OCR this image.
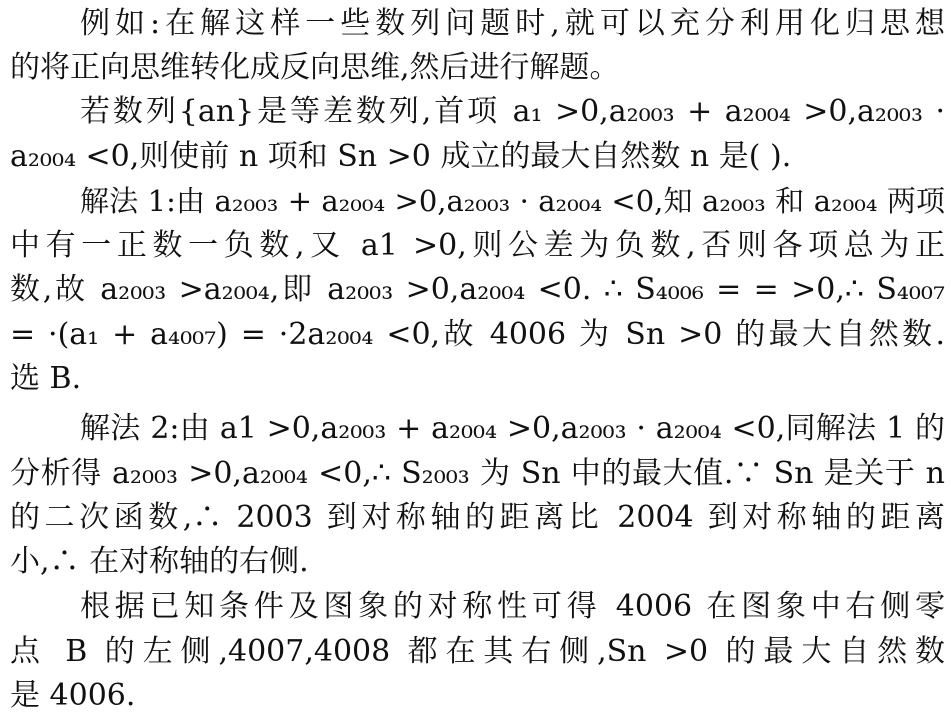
例如:在解这样一些数列问题时,就可以充分利用化归思想
的将正向思维转化成反向思维,然后进行解题。
若数列{an}是等差数列,首项 a₁ >0,a₂₀₀₃ + a₂₀₀₄ >0,a₂₀₀₃ ·
a₂₀₀₄ <0,则使前 n 项和 Sn >0 成立的最大自然数 n 是( ).
解法 1:由 a₂₀₀₃ + a₂₀₀₄ >0,a₂₀₀₃ · a₂₀₀₄ <0,知 a₂₀₀₃ 和 a₂₀₀₄ 两项
中有一正数一负数,又 a1 >0,则公差为负数,否则各项总为正
数,故 a₂₀₀₃ >a₂₀₀₄,即 a₂₀₀₃ >0,a₂₀₀₄ <0. ∴ S₄₀₀₆ = = >0,∴ S₄₀₀₇
= ·(a₁ + a₄₀₀₇) = ·2a₂₀₀₄ <0,故 4006 为 Sn >0 的最大自然数.
选 B.
解法 2:由 a1 >0,a₂₀₀₃ + a₂₀₀₄ >0,a₂₀₀₃ · a₂₀₀₄ <0,同解法 1 的
分析得 a₂₀₀₃ >0,a₂₀₀₄ <0,∴ S₂₀₀₃ 为 Sn 中的最大值.∵ Sn 是关于 n
的二次函数,∴ 2003 到对称轴的距离比 2004 到对称轴的距离
小,∴ 在对称轴的右侧.
根据已知条件及图象的对称性可得 4006 在图象中右侧零
点 B 的左侧,4007,4008 都在其右侧,Sn >0 的最大自然数
是 4006.
